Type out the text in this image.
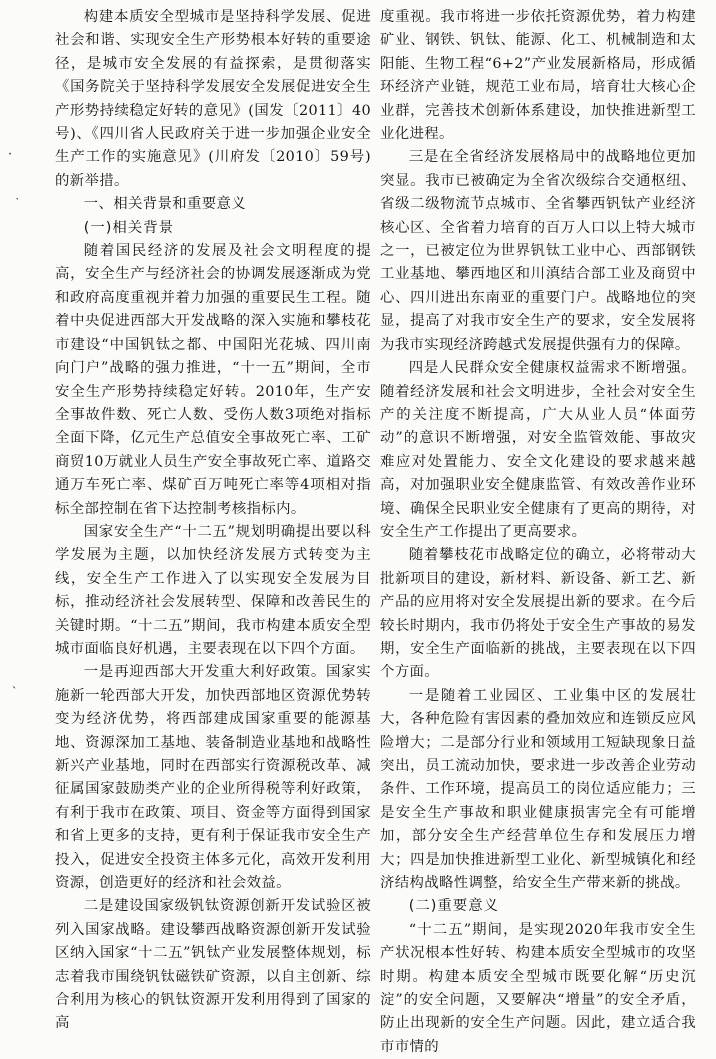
构建本质安全型城市是坚持科学发展、促进社会和谐、实现安全生产形势根本好转的重要途径，是城市安全发展的有益探索，是贯彻落实《国务院关于坚持科学发展安全发展促进安全生产形势持续稳定好转的意见》(国发〔2011〕40号)、《四川省人民政府关于进一步加强企业安全生产工作的实施意见》(川府发〔2010〕59号)的新举措。

一、相关背景和重要意义

(一)相关背景

随着国民经济的发展及社会文明程度的提高，安全生产与经济社会的协调发展逐渐成为党和政府高度重视并着力加强的重要民生工程。随着中央促进西部大开发战略的深入实施和攀枝花市建设“中国钒钛之都、中国阳光花城、四川南向门户”战略的强力推进，“十一五”期间，全市安全生产形势持续稳定好转。2010年，生产安全事故件数、死亡人数、受伤人数3项绝对指标全面下降，亿元生产总值安全事故死亡率、工矿商贸10万就业人员生产安全事故死亡率、道路交通万车死亡率、煤矿百万吨死亡率等4项相对指标全部控制在省下达控制考核指标内。

国家安全生产“十二五”规划明确提出要以科学发展为主题，以加快经济发展方式转变为主线，安全生产工作进入了以实现安全发展为目标，推动经济社会发展转型、保障和改善民生的关键时期。“十二五”期间，我市构建本质安全型城市面临良好机遇，主要表现在以下四个方面。

一是再迎西部大开发重大利好政策。国家实施新一轮西部大开发，加快西部地区资源优势转变为经济优势，将西部建成国家重要的能源基地、资源深加工基地、装备制造业基地和战略性新兴产业基地，同时在西部实行资源税改革、减征属国家鼓励类产业的企业所得税等利好政策，有利于我市在政策、项目、资金等方面得到国家和省上更多的支持，更有利于保证我市安全生产投入，促进安全投资主体多元化，高效开发利用资源，创造更好的经济和社会效益。

二是建设国家级钒钛资源创新开发试验区被列入国家战略。建设攀西战略资源创新开发试验区纳入国家“十二五”钒钛产业发展整体规划，标志着我市围绕钒钛磁铁矿资源，以自主创新、综合利用为核心的钒钛资源开发利用得到了国家的高

度重视。我市将进一步依托资源优势，着力构建矿业、钢铁、钒钛、能源、化工、机械制造和太阳能、生物工程“6+2”产业发展新格局，形成循环经济产业链，规范工业布局，培育壮大核心企业群，完善技术创新体系建设，加快推进新型工业化进程。

三是在全省经济发展格局中的战略地位更加突显。我市已被确定为全省次级综合交通枢纽、省级二级物流节点城市、全省攀西钒钛产业经济核心区、全省着力培育的百万人口以上特大城市之一，已被定位为世界钒钛工业中心、西部钢铁工业基地、攀西地区和川滇结合部工业及商贸中心、四川进出东南亚的重要门户。战略地位的突显，提高了对我市安全生产的要求，安全发展将为我市实现经济跨越式发展提供强有力的保障。

四是人民群众安全健康权益需求不断增强。随着经济发展和社会文明进步，全社会对安全生产的关注度不断提高，广大从业人员“体面劳动”的意识不断增强，对安全监管效能、事故灾难应对处置能力、安全文化建设的要求越来越高，对加强职业安全健康监管、有效改善作业环境、确保全民职业安全健康有了更高的期待，对安全生产工作提出了更高要求。

随着攀枝花市战略定位的确立，必将带动大批新项目的建设，新材料、新设备、新工艺、新产品的应用将对安全发展提出新的要求。在今后较长时期内，我市仍将处于安全生产事故的易发期，安全生产面临新的挑战，主要表现在以下四个方面。

一是随着工业园区、工业集中区的发展壮大，各种危险有害因素的叠加效应和连锁反应风险增大；二是部分行业和领域用工短缺现象日益突出，员工流动加快，要求进一步改善企业劳动条件、工作环境，提高员工的岗位适应能力；三是安全生产事故和职业健康损害完全有可能增加，部分安全生产经营单位生存和发展压力增大；四是加快推进新型工业化、新型城镇化和经济结构战略性调整，给安全生产带来新的挑战。

(二)重要意义

“十二五”期间，是实现2020年我市安全生产状况根本性好转、构建本质安全型城市的攻坚时期。构建本质安全型城市既要化解“历史沉淀”的安全问题，又要解决“增量”的安全矛盾，防止出现新的安全生产问题。因此，建立适合我市市情的

·
˙
ˎ
